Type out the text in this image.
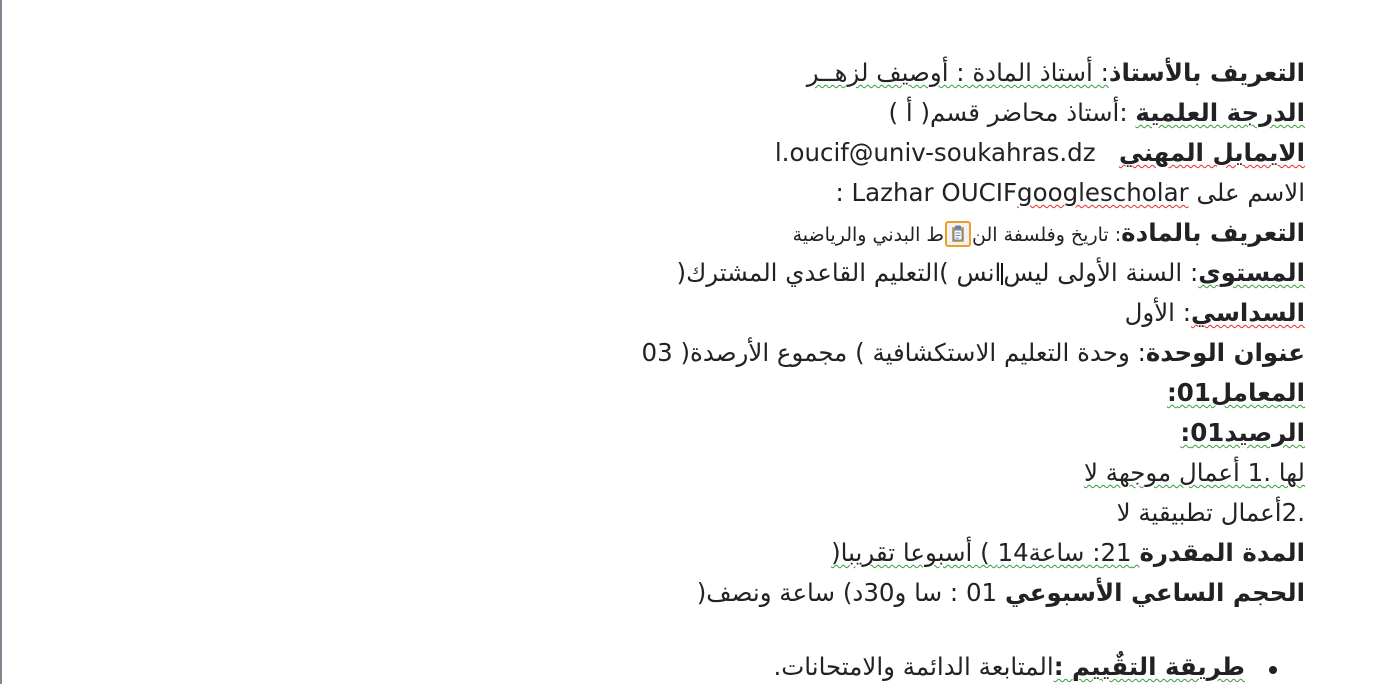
التعريف بالأستاذ: أستاذ المادة : أوصيف لزهــر
الدرجة العلمية :أستاذ محاضر قسم( أ )
الايمايل المهني   l.oucif@univ-soukahras.dz
الاسم على googlescholar: Lazhar OUCIF
التعريف بالمادة: تاريخ وفلسفة الن
ط البدني والرياضية
المستوى: السنة الأولى ليسانس )التعليم القاعدي المشترك(
السداسي: الأول
عنوان الوحدة: وحدة التعليم الاستكشافية ) مجموع الأرصدة( 03
المعامل01:
الرصيد01:
لها .1 أعمال موجهة لا
.2أعمال تطبيقية لا
المدة المقدرة 21: ساعة14 ) أسبوعا تقريبا(
الحجم الساعي الأسبوعي 01 : سا و30د) ساعة ونصف(
طريقة التقٌييم :المتابعة الدائمة والامتحانات.
